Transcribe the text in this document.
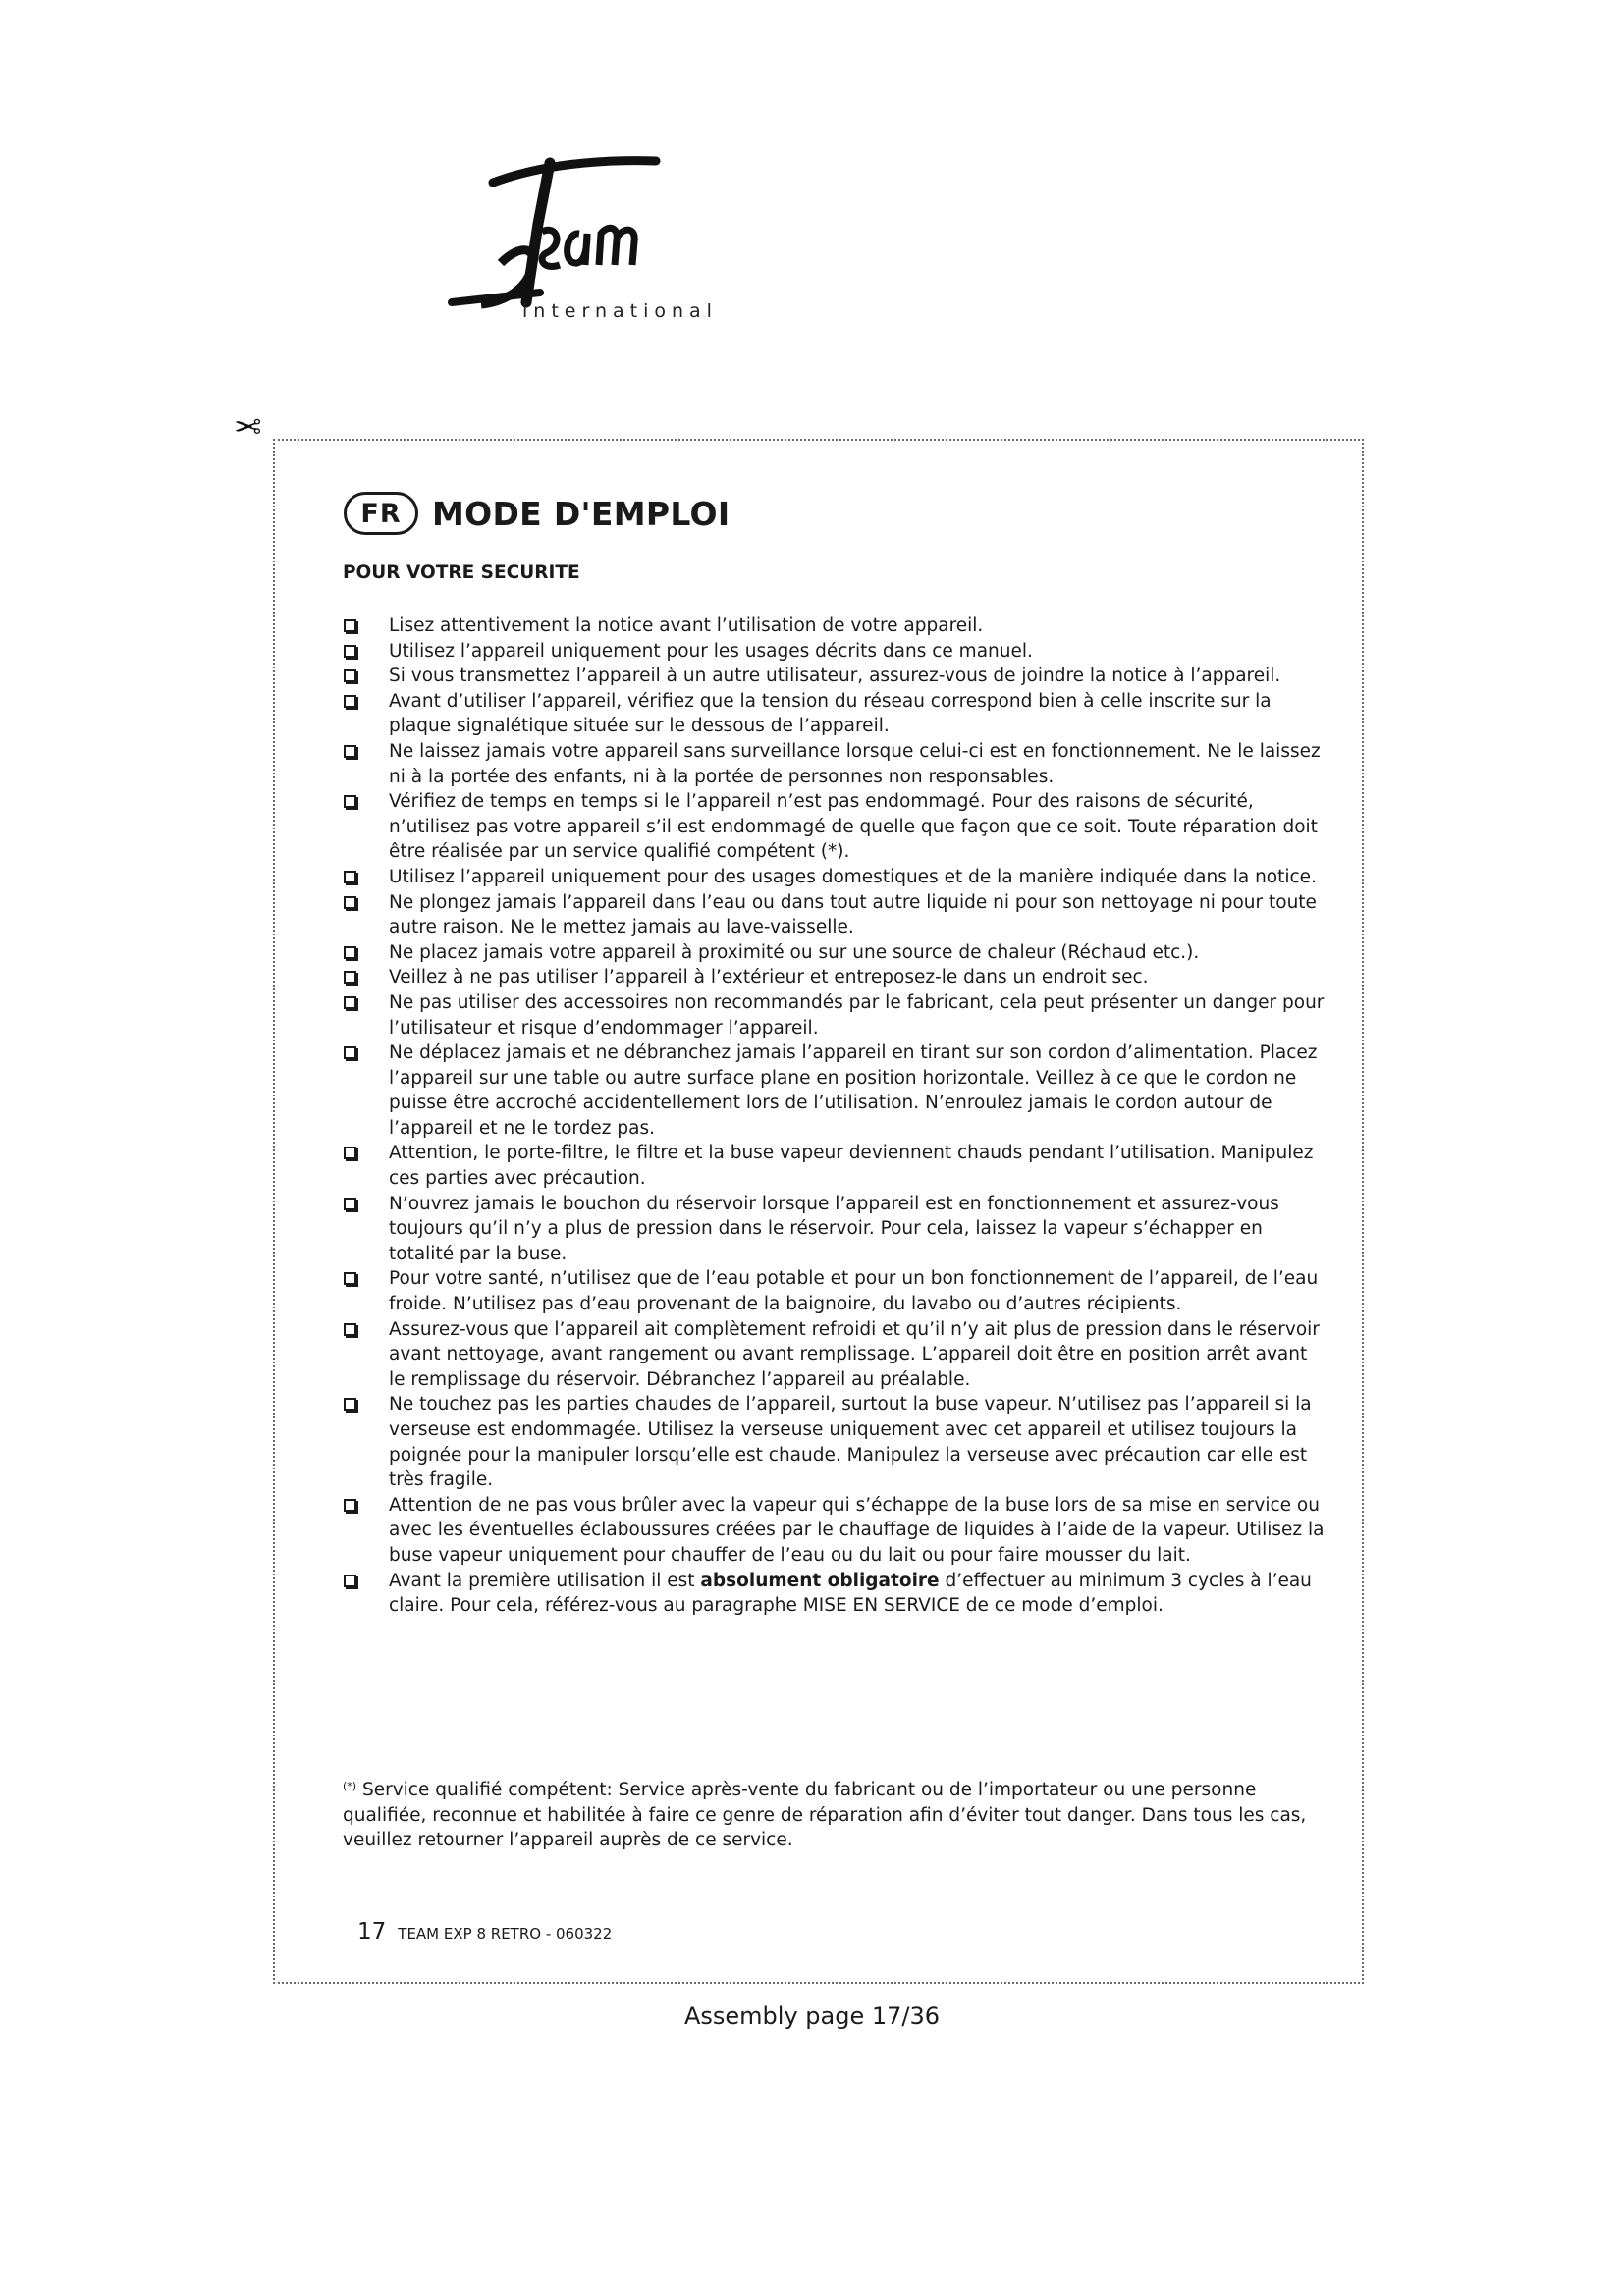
international
✂
FR MODE D'EMPLOI
POUR VOTRE SECURITE
Lisez attentivement la notice avant l’utilisation de votre appareil.
Utilisez l’appareil uniquement pour les usages décrits dans ce manuel.
Si vous transmettez l’appareil à un autre utilisateur, assurez-vous de joindre la notice à l’appareil.
Avant d’utiliser l’appareil, vérifiez que la tension du réseau correspond bien à celle inscrite sur la plaque signalétique située sur le dessous de l’appareil.
Ne laissez jamais votre appareil sans surveillance lorsque celui-ci est en fonctionnement. Ne le laissez ni à la portée des enfants, ni à la portée de personnes non responsables.
Vérifiez de temps en temps si le l’appareil n’est pas endommagé. Pour des raisons de sécurité, n’utilisez pas votre appareil s’il est endommagé de quelle que façon que ce soit. Toute réparation doit être réalisée par un service qualifié compétent (*).
Utilisez l’appareil uniquement pour des usages domestiques et de la manière indiquée dans la notice.
Ne plongez jamais l’appareil dans l’eau ou dans tout autre liquide ni pour son nettoyage ni pour toute autre raison. Ne le mettez jamais au lave-vaisselle.
Ne placez jamais votre appareil à proximité ou sur une source de chaleur (Réchaud etc.).
Veillez à ne pas utiliser l’appareil à l’extérieur et entreposez-le dans un endroit sec.
Ne pas utiliser des accessoires non recommandés par le fabricant, cela peut présenter un danger pour l’utilisateur et risque d’endommager l’appareil.
Ne déplacez jamais et ne débranchez jamais l’appareil en tirant sur son cordon d’alimentation. Placez l’appareil sur une table ou autre surface plane en position horizontale. Veillez à ce que le cordon ne puisse être accroché accidentellement lors de l’utilisation. N’enroulez jamais le cordon autour de l’appareil et ne le tordez pas.
Attention, le porte-filtre, le filtre et la buse vapeur deviennent chauds pendant l’utilisation. Manipulez ces parties avec précaution.
N’ouvrez jamais le bouchon du réservoir lorsque l’appareil est en fonctionnement et assurez-vous toujours qu’il n’y a plus de pression dans le réservoir. Pour cela, laissez la vapeur s’échapper en totalité par la buse.
Pour votre santé, n’utilisez que de l’eau potable et pour un bon fonctionnement de l’appareil, de l’eau froide. N’utilisez pas d’eau provenant de la baignoire, du lavabo ou d’autres récipients.
Assurez-vous que l’appareil ait complètement refroidi et qu’il n’y ait plus de pression dans le réservoir avant nettoyage, avant rangement ou avant remplissage. L’appareil doit être en position arrêt avant le remplissage du réservoir. Débranchez l’appareil au préalable.
Ne touchez pas les parties chaudes de l’appareil, surtout la buse vapeur. N’utilisez pas l’appareil si la verseuse est endommagée. Utilisez la verseuse uniquement avec cet appareil et utilisez toujours la poignée pour la manipuler lorsqu’elle est chaude. Manipulez la verseuse avec précaution car elle est très fragile.
Attention de ne pas vous brûler avec la vapeur qui s’échappe de la buse lors de sa mise en service ou avec les éventuelles éclaboussures créées par le chauffage de liquides à l’aide de la vapeur. Utilisez la buse vapeur uniquement pour chauffer de l’eau ou du lait ou pour faire mousser du lait.
Avant la première utilisation il est absolument obligatoire d’effectuer au minimum 3 cycles à l’eau claire. Pour cela, référez-vous au paragraphe MISE EN SERVICE de ce mode d’emploi.
(*) Service qualifié compétent: Service après-vente du fabricant ou de l’importateur ou une personne qualifiée, reconnue et habilitée à faire ce genre de réparation afin d’éviter tout danger. Dans tous les cas, veuillez retourner l’appareil auprès de ce service.
17 TEAM EXP 8 RETRO - 060322
Assembly page 17/36
